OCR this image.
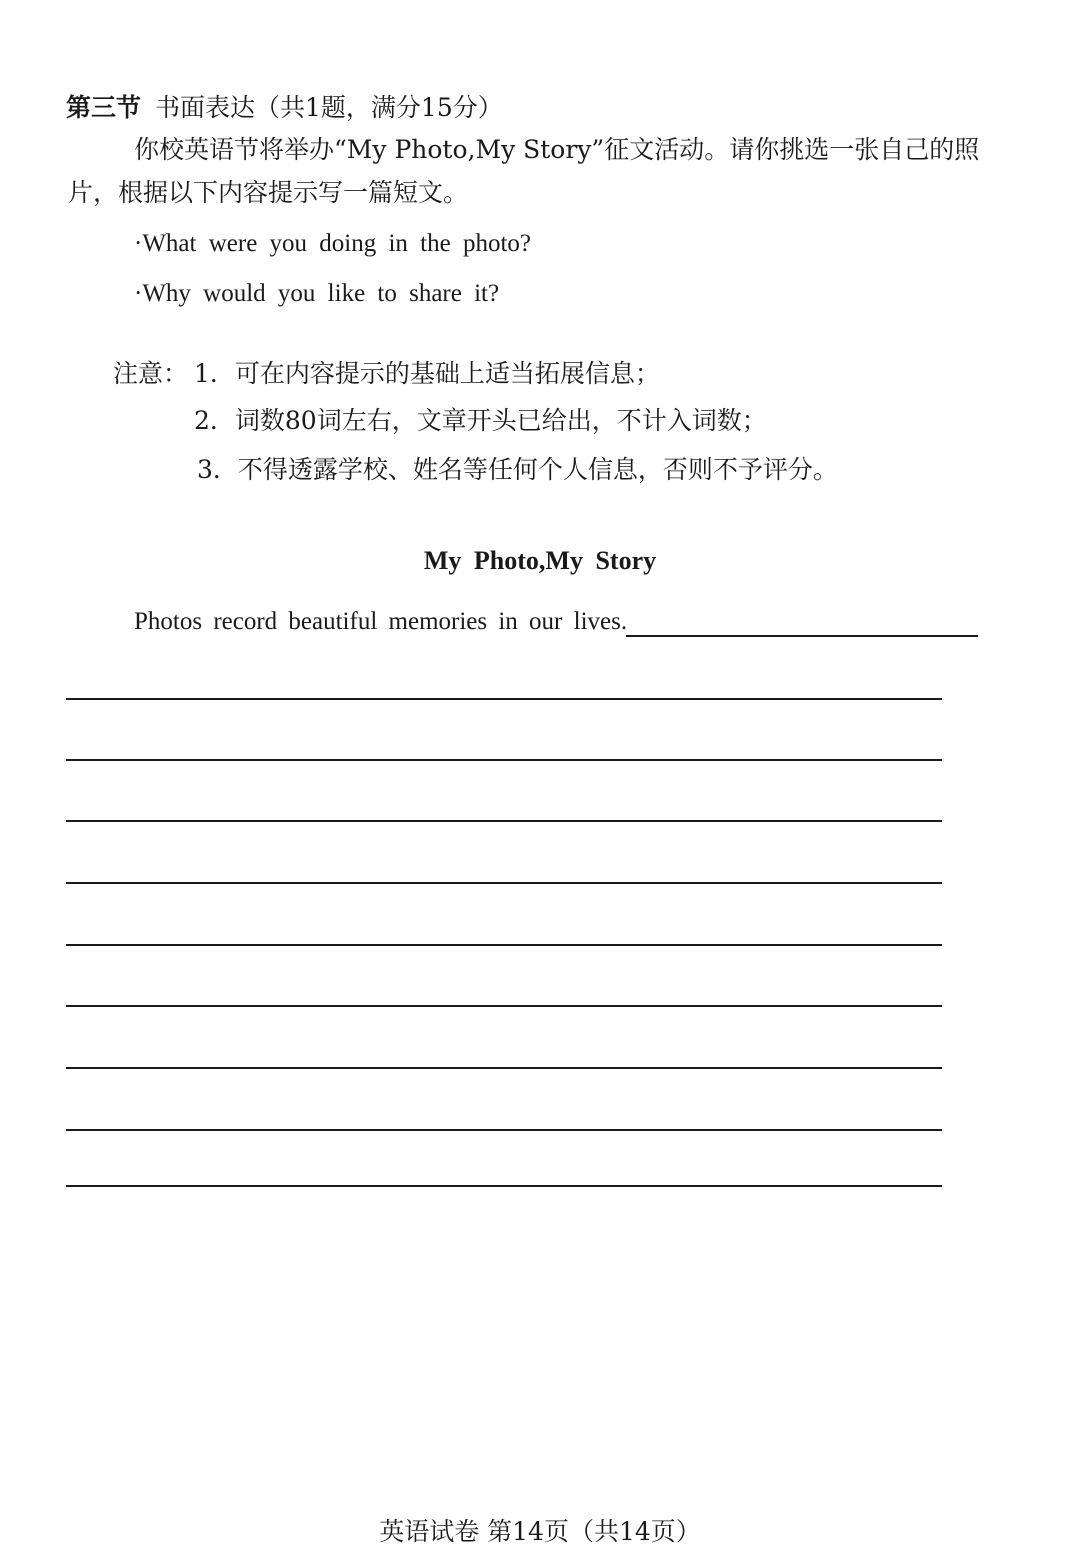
第三节 书面表达（共1题，满分15分）
你校英语节将举办“My Photo,My Story”征文活动。请你挑选一张自己的照
片，根据以下内容提示写一篇短文。
·What were you doing in the photo?
·Why would you like to share it?
注意： 1．可在内容提示的基础上适当拓展信息；
2．词数80词左右，文章开头已给出，不计入词数；
3．不得透露学校、姓名等任何个人信息，否则不予评分。
My Photo,My Story
Photos record beautiful memories in our lives.
英语试卷 第14页（共14页）
